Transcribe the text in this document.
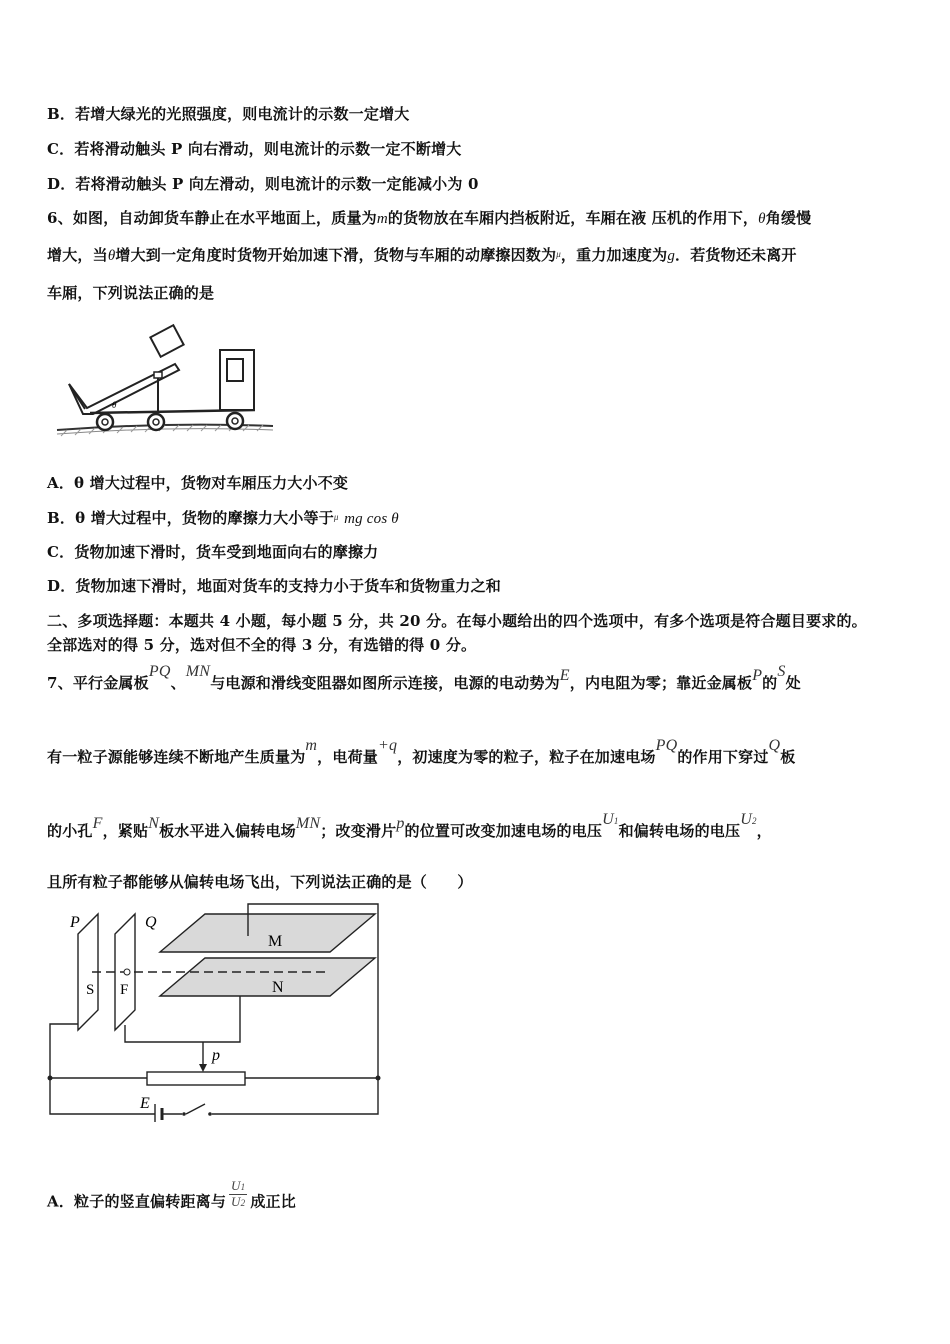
B．若增大绿光的光照强度，则电流计的示数一定增大
C．若将滑动触头 P 向右滑动，则电流计的示数一定不断增大
D．若将滑动触头 P 向左滑动，则电流计的示数一定能减小为 0
6、如图，自动卸货车静止在水平地面上，质量为m的货物放在车厢内挡板附近，车厢在液 压机的作用下，θ角缓慢
增大，当θ增大到一定角度时货物开始加速下滑，货物与车厢的动摩擦因数为$^\mu$，重力加速度为g．若货物还未离开
车厢，下列说法正确的是
θ
A．θ 增大过程中，货物对车厢压力大小不变
B．θ 增大过程中，货物的摩擦力大小等于$^\mu$ mg cos θ
C．货物加速下滑时，货车受到地面向右的摩擦力
D．货物加速下滑时，地面对货车的支持力小于货车和货物重力之和
二、多项选择题：本题共 4 小题，每小题 5 分，共 20 分。在每小题给出的四个选项中，有多个选项是符合题目要求的。
全部选对的得 5 分，选对但不全的得 3 分，有选错的得 0 分。
7、平行金属板PQ、MN与电源和滑线变阻器如图所示连接，电源的电动势为E，内电阻为零；靠近金属板P的S处
有一粒子源能够连续不断地产生质量为m，电荷量+q，初速度为零的粒子，粒子在加速电场PQ的作用下穿过Q板
的小孔F，紧贴N板水平进入偏转电场MN；改变滑片p的位置可改变加速电场的电压U1和偏转电场的电压U2，
且所有粒子都能够从偏转电场飞出，下列说法正确的是（　　）
P	Q
M
N
S F
p
E
A．粒子的竖直偏转距离与 $\frac{U1}{U2}$ 成正比
